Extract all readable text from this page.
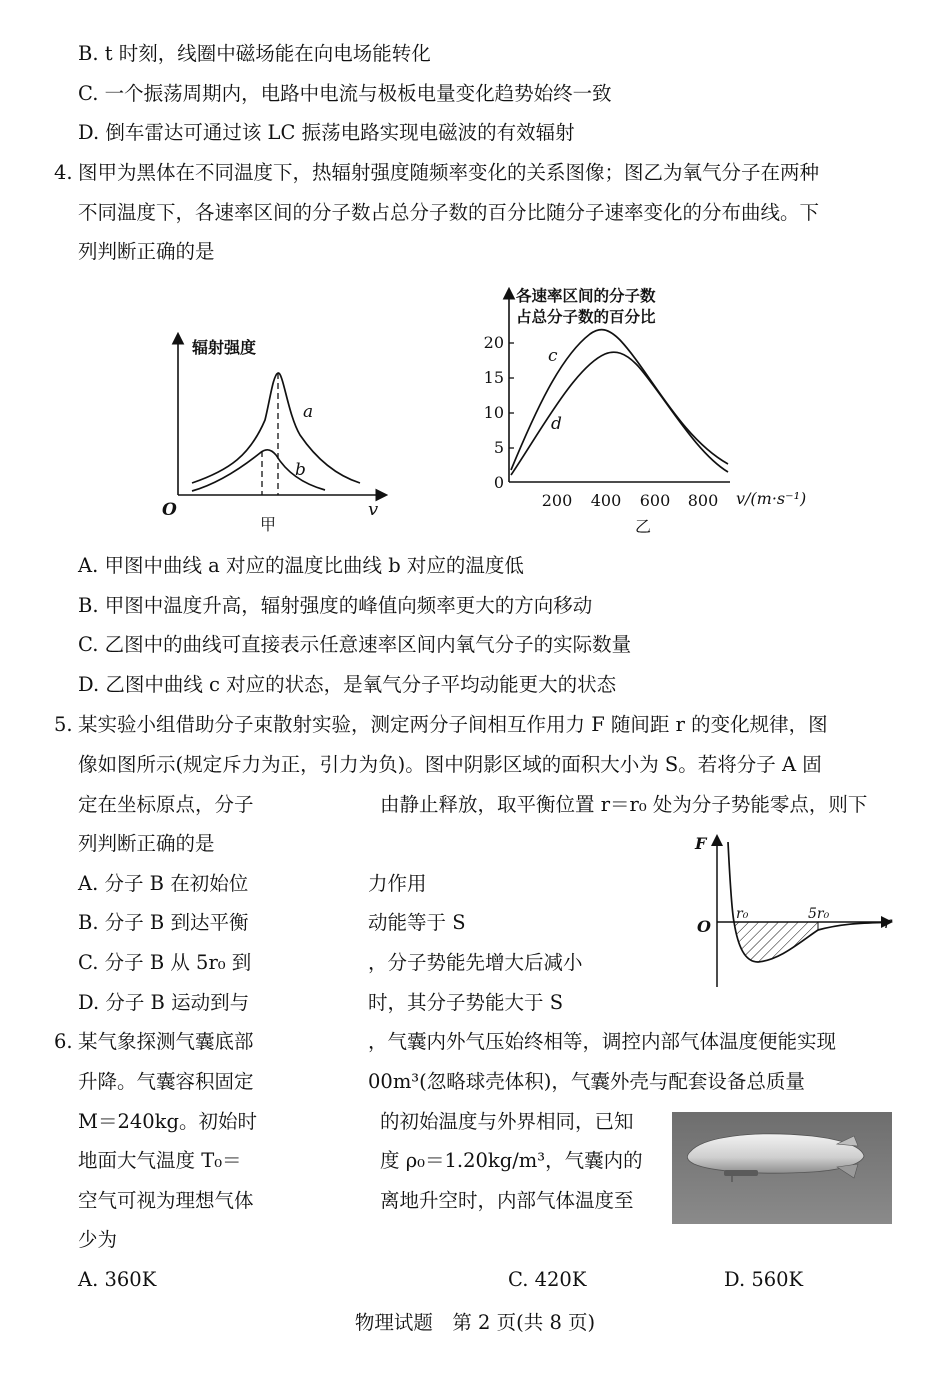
B. t 时刻，线圈中磁场能在向电场能转化
C. 一个振荡周期内，电路中电流与极板电量变化趋势始终一致
D. 倒车雷达可通过该 LC 振荡电路实现电磁波的有效辐射
4. 图甲为黑体在不同温度下，热辐射强度随频率变化的关系图像；图乙为氧气分子在两种
不同温度下，各速率区间的分子数占总分子数的百分比随分子速率变化的分布曲线。下
列判断正确的是
辐射强度
O	v
甲
a
b
各速率区间的分子数
占总分子数的百分比
20
15
10
5
0
200 400 600 800 v/(m·s⁻¹)
乙
c
d
A. 甲图中曲线 a 对应的温度比曲线 b 对应的温度低
B. 甲图中温度升高，辐射强度的峰值向频率更大的方向移动
C. 乙图中的曲线可直接表示任意速率区间内氧气分子的实际数量
D. 乙图中曲线 c 对应的状态，是氧气分子平均动能更大的状态
5. 某实验小组借助分子束散射实验，测定两分子间相互作用力 F 随间距 r 的变化规律，图
像如图所示(规定斥力为正，引力为负)。图中阴影区域的面积大小为 S。若将分子 A 固
定在坐标原点，分子	由静止释放，取平衡位置 r＝r₀ 处为分子势能零点，则下
列判断正确的是
A. 分子 B 在初始位	力作用
B. 分子 B 到达平衡	动能等于 S
C. 分子 B 从 5r₀ 到	，分子势能先增大后减小
D. 分子 B 运动到与	时，其分子势能大于 S
F
O	r
r₀	5r₀
6. 某气象探测气囊底部	，气囊内外气压始终相等，调控内部气体温度便能实现
升降。气囊容积固定	00m³(忽略球壳体积)，气囊外壳与配套设备总质量
M＝240kg。初始时	的初始温度与外界相同，已知
地面大气温度 T₀＝	度 ρ₀＝1.20kg/m³，气囊内的
空气可视为理想气体	离地升空时，内部气体温度至
少为
A. 360K	C. 420K	D. 560K
物理试题　第 2 页(共 8 页)
